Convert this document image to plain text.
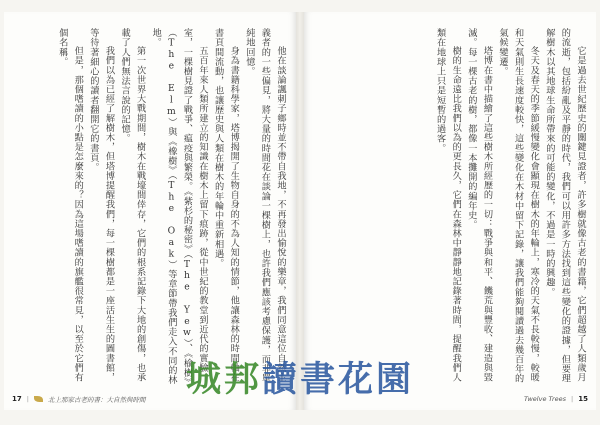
他在談論諷刺子鄉時並不帶自我地，不再發出愉悅的樂章，我們同意這位自然主義者的一些偏見，將大量的時間花在談論一棵樹上，也許我們應該考慮保護，而非單純地回憶。
身為書籍科學家，塔博揭開了生物自身的不為人知的情節，他讓森林的時間軸在書頁間流動，也讓歷史與人類在樹木的年輪中重新相遇。
五百年來人類所建立的知識在樹木上留下痕跡，從中世紀的教堂到近代的實驗室，一棵樹見證了戰爭、瘟疫與繁榮。《紫杉的秘密》（The Yew）、《榆樹》（The Elm）與《橡樹》（The Oak）等章節帶我們走入不同的林地。
第一次世界大戰期間，樹木在戰壕間倖存，它們的根系記錄下大地的創傷，也承載了人們無法言說的記憶。
我們以為已經了解樹木，但塔博提醒我們，每一棵樹都是一座活生生的圖書館，等待著細心的讀者翻開它的書頁。
但是，那個嗜讀的小點是怎麼來的？因為這場嗜讀的旗艦很常見，以至於它們有個名稱。
17 |	北上那家古老的書：大自然與時間
它是過去世紀歷史的關鍵見證者，許多樹就像古老的書籍，它們超越了人類歲月的流逝，包括紛亂及平靜的時代，我們可以用許多方法找到這些變化的證據，但要理解樹木以其地球生命所帶來的可能的變化，不過是一時的興趣。
冬天及春天的季節緩慢變化會顯現在樹木的年輪上，寒冷的天氣不長較慢，較暖和天氣則生長速度較快，這些變化在木材中留下記錄，讓我們能夠閱讀過去幾百年的氣候變遷。
塔博在書中描繪了這些樹木所經歷的一切：戰爭與和平、饑荒與豐收、建造與毀滅。每一棵古老的樹，都像一本攤開的編年史。
樹的生命遠比我們以為的更長久，它們在森林中靜靜地記錄著時間，提醒我們人類在地球上只是短暫的過客。
Twelve Trees | 15
城邦讀書花園
